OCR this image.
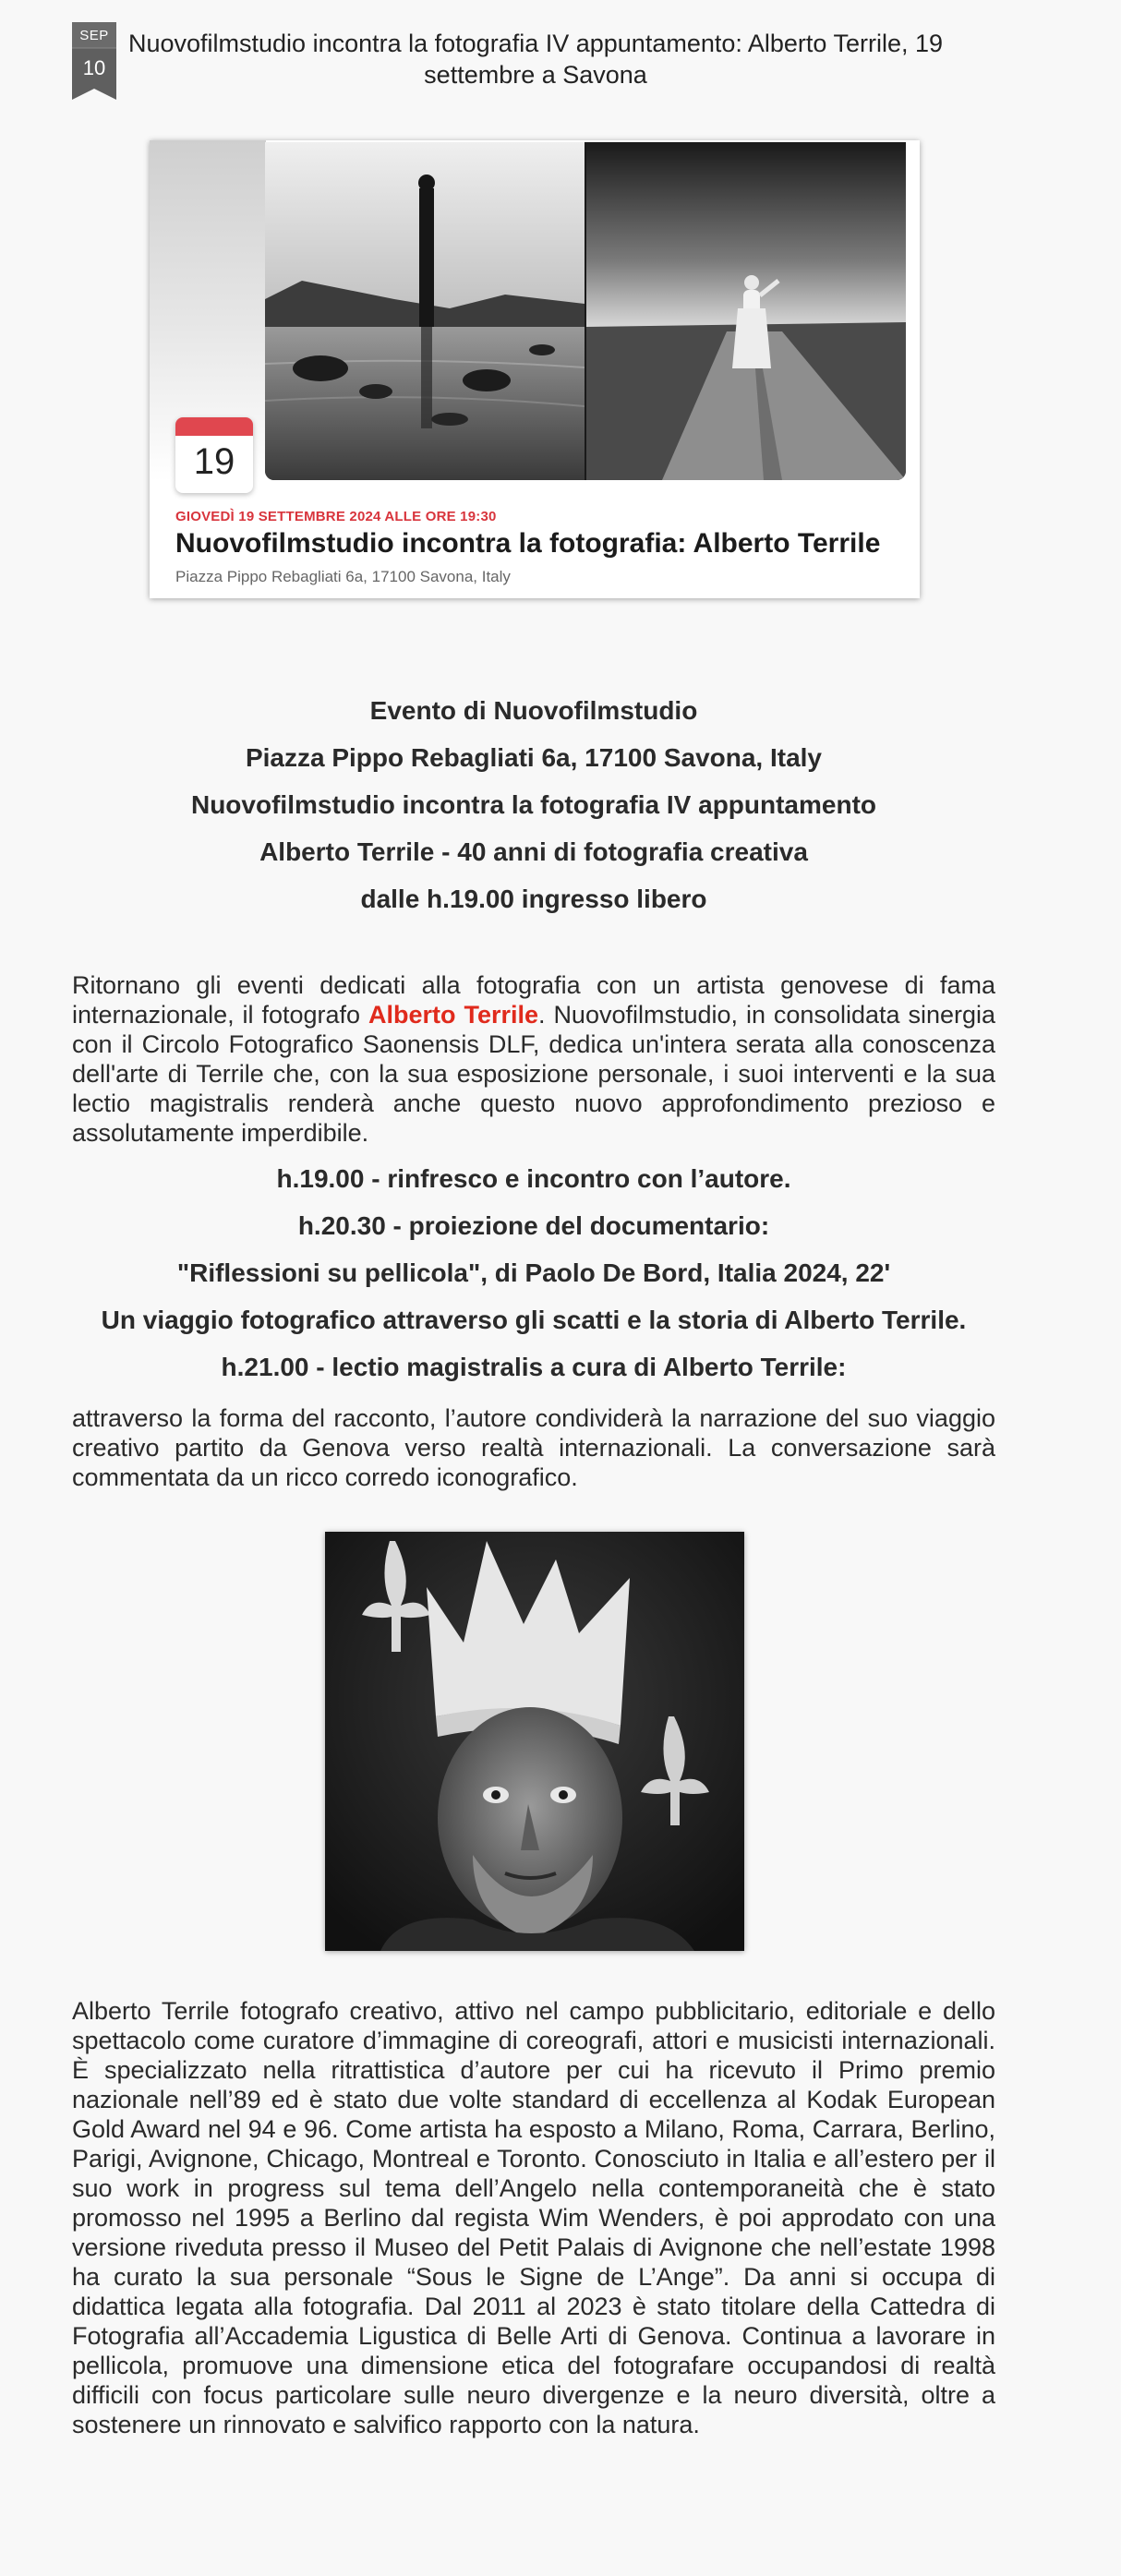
SEP
10
Nuovofilmstudio incontra la fotografia IV appuntamento: Alberto Terrile, 19 settembre a Savona
19
GIOVEDÌ 19 SETTEMBRE 2024 ALLE ORE 19:30
Nuovofilmstudio incontra la fotografia: Alberto Terrile
Piazza Pippo Rebagliati 6a, 17100 Savona, Italy
Evento di Nuovofilmstudio
Piazza Pippo Rebagliati 6a, 17100 Savona, Italy
Nuovofilmstudio incontra la fotografia IV appuntamento
Alberto Terrile - 40 anni di fotografia creativa
dalle h.19.00 ingresso libero

Ritornano gli eventi dedicati alla fotografia con un artista genovese di fama internazionale, il fotografo Alberto Terrile. Nuovofilmstudio, in consolidata sinergia con il Circolo Fotografico Saonensis DLF, dedica un'intera serata alla conoscenza dell'arte di Terrile che, con la sua esposizione personale, i suoi interventi e la sua lectio magistralis renderà anche questo nuovo approfondimento prezioso e assolutamente imperdibile.

h.19.00 - rinfresco e incontro con l’autore.
h.20.30 - proiezione del documentario:
"Riflessioni su pellicola", di Paolo De Bord, Italia 2024, 22'
Un viaggio fotografico attraverso gli scatti e la storia di Alberto Terrile.
h.21.00 - lectio magistralis a cura di Alberto Terrile:

attraverso la forma del racconto, l’autore condividerà la narrazione del suo viaggio creativo partito da Genova verso realtà internazionali. La conversazione sarà commentata da un ricco corredo iconografico.

Alberto Terrile fotografo creativo, attivo nel campo pubblicitario, editoriale e dello spettacolo come curatore d’immagine di coreografi, attori e musicisti internazionali. È specializzato nella ritrattistica d’autore per cui ha ricevuto il Primo premio nazionale nell’89 ed è stato due volte standard di eccellenza al Kodak European Gold Award nel 94 e 96. Come artista ha esposto a Milano, Roma, Carrara, Berlino, Parigi, Avignone, Chicago, Montreal e Toronto. Conosciuto in Italia e all’estero per il suo work in progress sul tema dell’Angelo nella contemporaneità che è stato promosso nel 1995 a Berlino dal regista Wim Wenders, è poi approdato con una versione riveduta presso il Museo del Petit Palais di Avignone che nell’estate 1998 ha curato la sua personale “Sous le Signe de L’Ange”. Da anni si occupa di didattica legata alla fotografia. Dal 2011 al 2023 è stato titolare della Cattedra di Fotografia all’Accademia Ligustica di Belle Arti di Genova. Continua a lavorare in pellicola, promuove una dimensione etica del fotografare occupandosi di realtà difficili con focus particolare sulle neuro divergenze e la neuro diversità, oltre a sostenere un rinnovato e salvifico rapporto con la natura.
